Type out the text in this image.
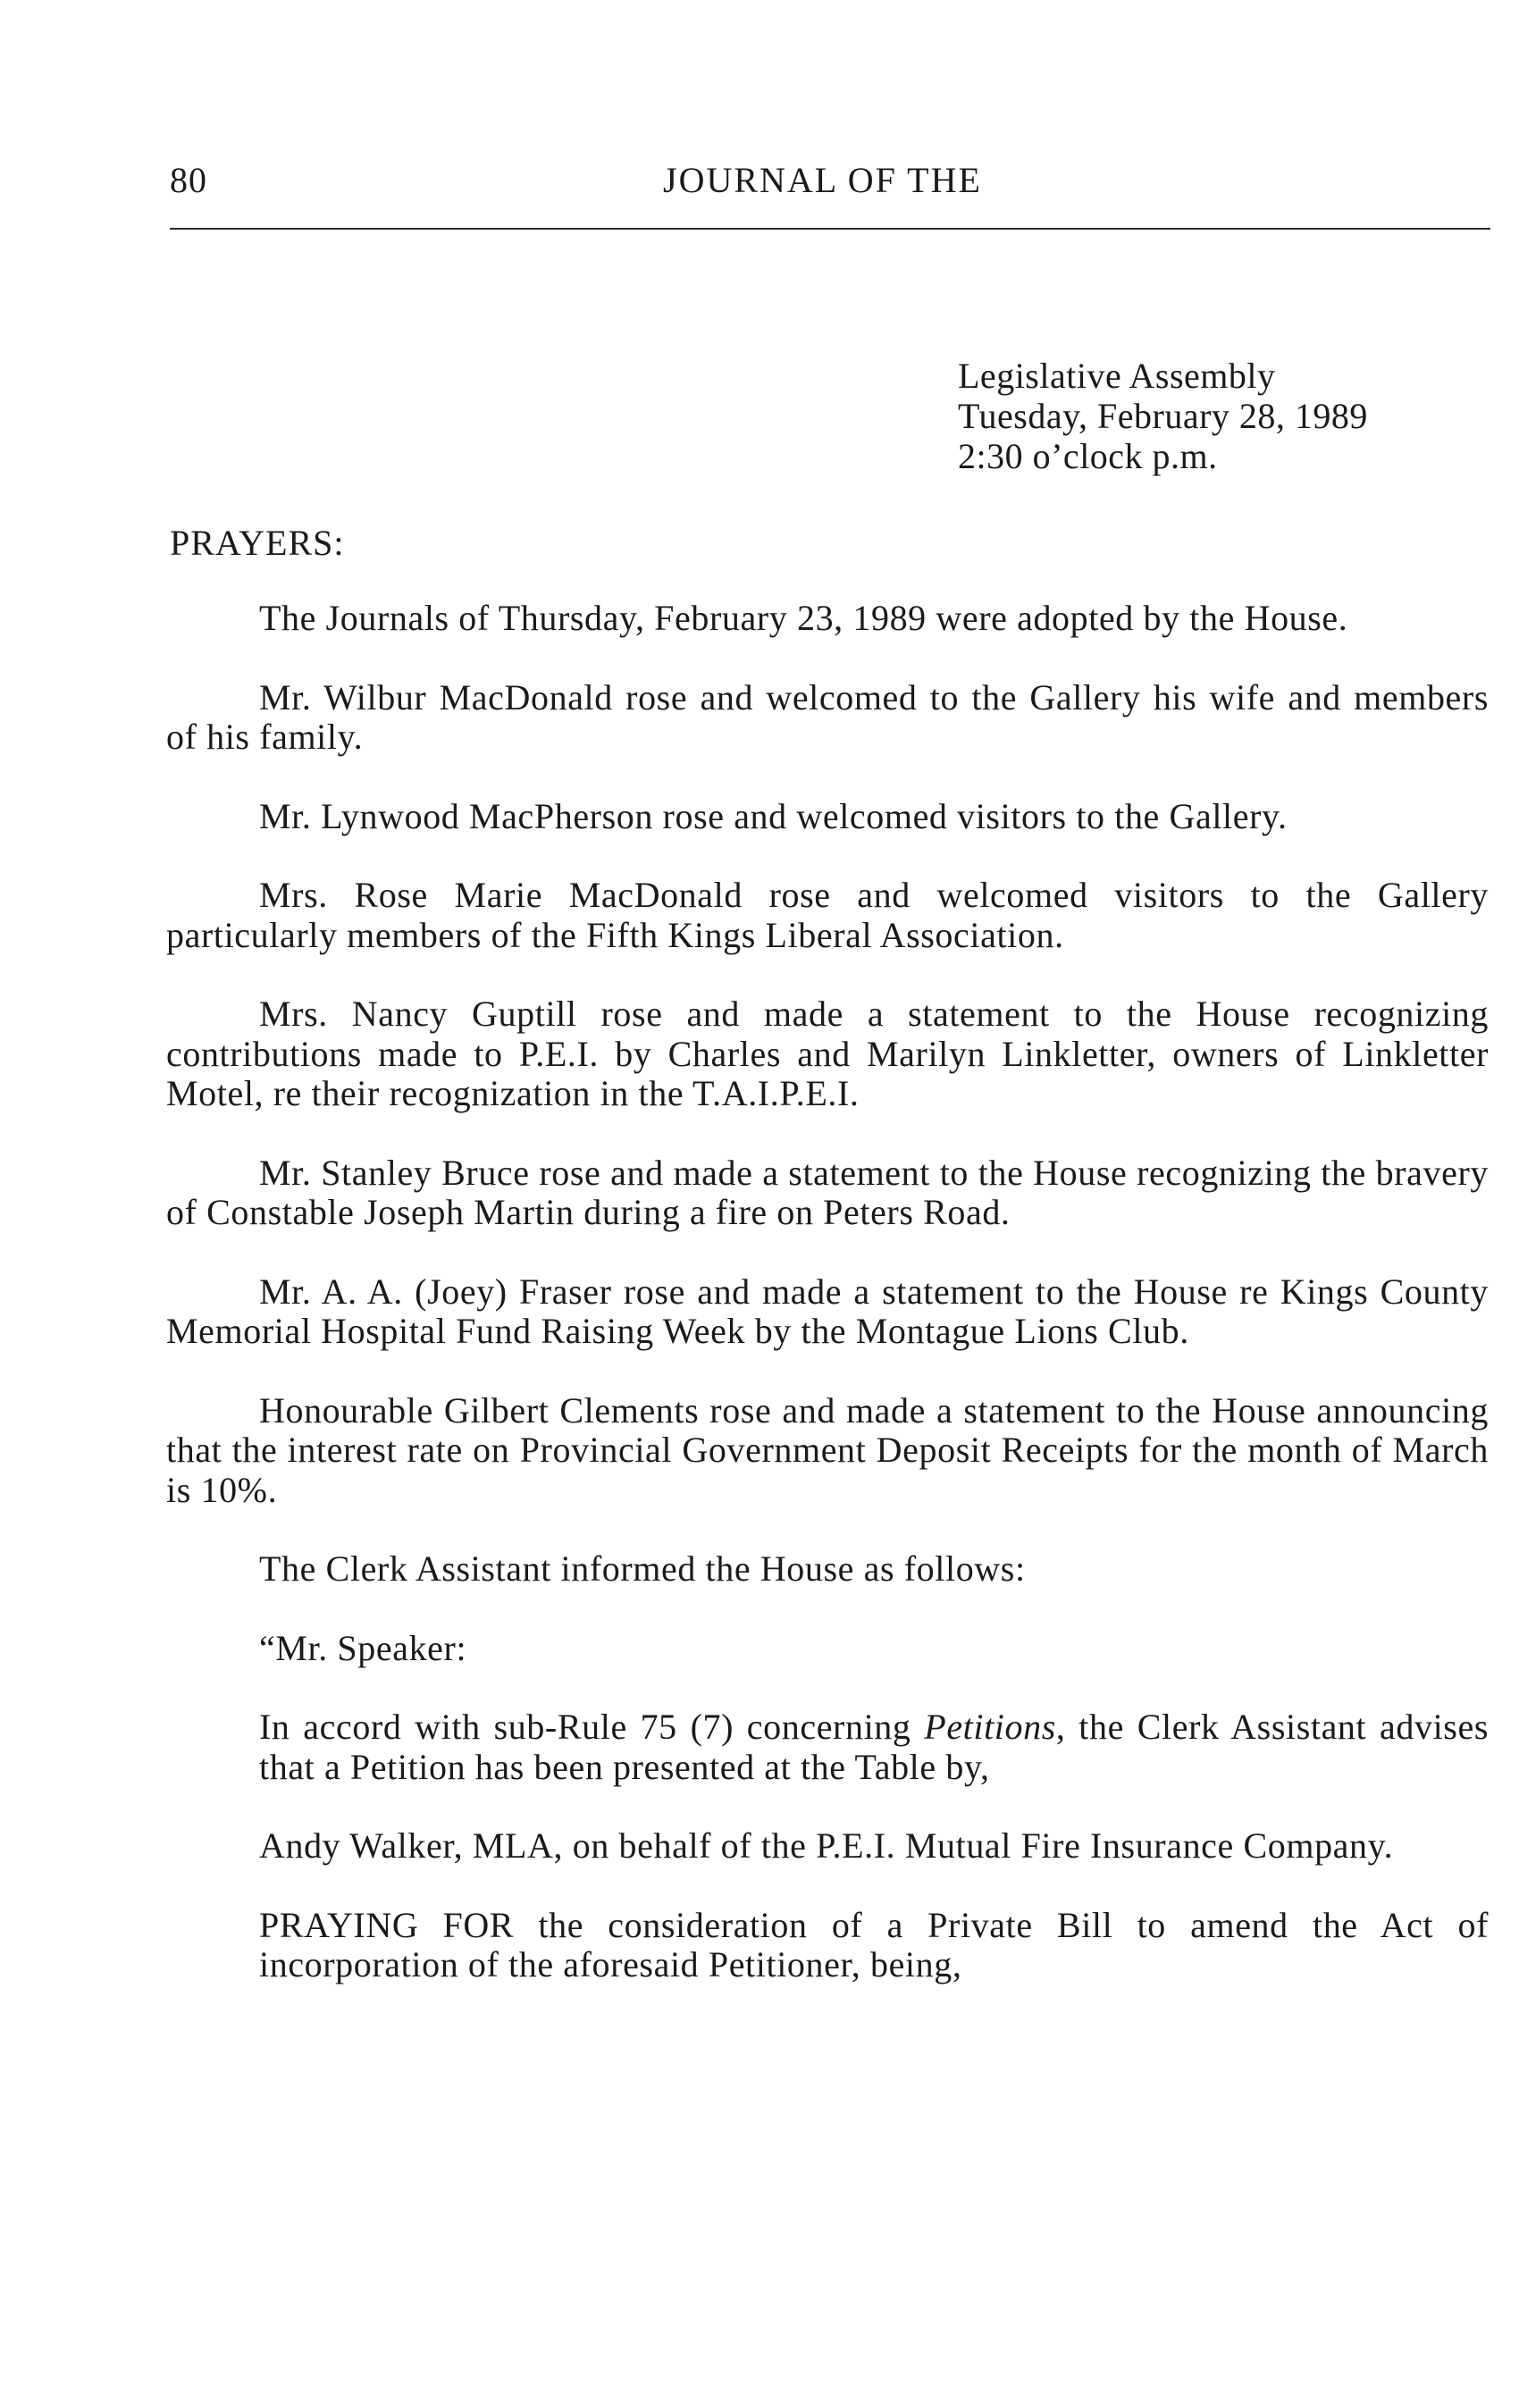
80	JOURNAL OF THE
Legislative Assembly
Tuesday, February 28, 1989
2:30 o’clock p.m.
PRAYERS:

The Journals of Thursday, February 23, 1989 were adopted by the House.

Mr. Wilbur MacDonald rose and welcomed to the Gallery his wife and members of his family.

Mr. Lynwood MacPherson rose and welcomed visitors to the Gallery.

Mrs. Rose Marie MacDonald rose and welcomed visitors to the Gallery particularly members of the Fifth Kings Liberal Association.

Mrs. Nancy Guptill rose and made a statement to the House recognizing contributions made to P.E.I. by Charles and Marilyn Linkletter, owners of Linkletter Motel, re their recognization in the T.A.I.P.E.I.

Mr. Stanley Bruce rose and made a statement to the House recognizing the bravery of Constable Joseph Martin during a fire on Peters Road.

Mr. A. A. (Joey) Fraser rose and made a statement to the House re Kings County Memorial Hospital Fund Raising Week by the Montague Lions Club.

Honourable Gilbert Clements rose and made a statement to the House announcing that the interest rate on Provincial Government Deposit Receipts for the month of March is 10%.

The Clerk Assistant informed the House as follows:

“Mr. Speaker:

In accord with sub-Rule 75 (7) concerning Petitions, the Clerk Assistant advises that a Petition has been presented at the Table by,

Andy Walker, MLA, on behalf of the P.E.I. Mutual Fire Insurance Company.

PRAYING FOR the consideration of a Private Bill to amend the Act of incorporation of the aforesaid Petitioner, being,
